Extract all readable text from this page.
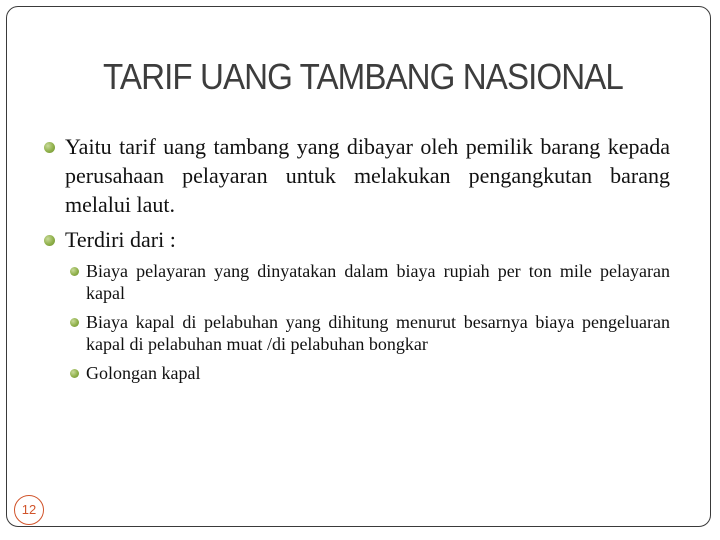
TARIF UANG TAMBANG NASIONAL
Yaitu tarif uang tambang yang dibayar oleh pemilik barang kepada perusahaan pelayaran untuk melakukan pengangkutan barang melalui laut.
Terdiri dari :
Biaya pelayaran yang dinyatakan dalam biaya rupiah per ton mile pelayaran kapal
Biaya kapal di pelabuhan yang dihitung menurut besarnya biaya pengeluaran kapal di pelabuhan muat /di pelabuhan bongkar
Golongan kapal
12
